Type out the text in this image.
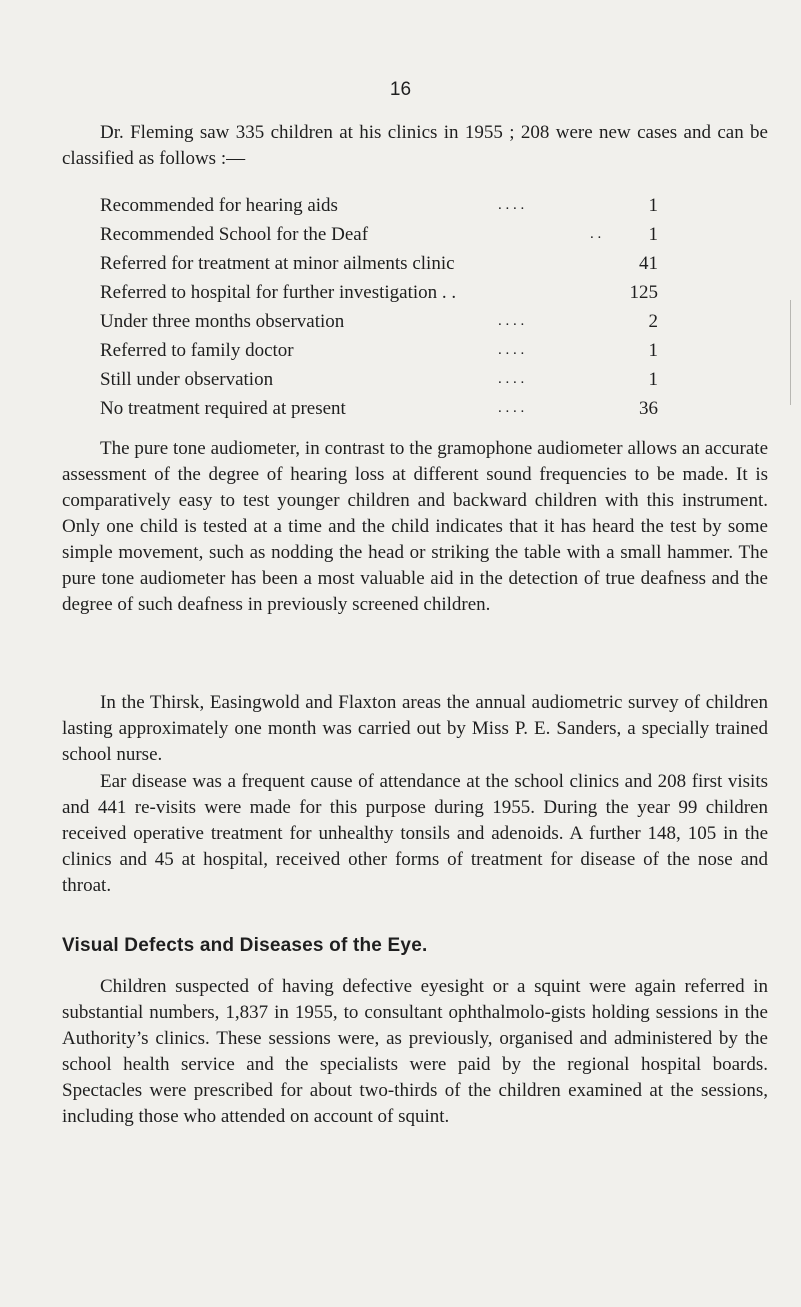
16

Dr. Fleming saw 335 children at his clinics in 1955 ; 208 were new cases and can be classified as follows :—

Recommended for hearing aids	. . . .	1
Recommended School for the Deaf	. .	1
Referred for treatment at minor ailments clinic	41
Referred to hospital for further investigation . .	125
Under three months observation	. . . .	2
Referred to family doctor	. . . .	1
Still under observation	. . . .	1
No treatment required at present	. . . .	36

The pure tone audiometer, in contrast to the gramophone audiometer allows an accurate assessment of the degree of hearing loss at different sound frequencies to be made. It is comparatively easy to test younger children and backward children with this instrument. Only one child is tested at a time and the child indicates that it has heard the test by some simple movement, such as nodding the head or striking the table with a small hammer. The pure tone audiometer has been a most valuable aid in the detection of true deafness and the degree of such deafness in previously screened children.

In the Thirsk, Easingwold and Flaxton areas the annual audiometric survey of children lasting approximately one month was carried out by Miss P. E. Sanders, a specially trained school nurse.

Ear disease was a frequent cause of attendance at the school clinics and 208 first visits and 441 re-visits were made for this purpose during 1955. During the year 99 children received operative treatment for unhealthy tonsils and adenoids. A further 148, 105 in the clinics and 45 at hospital, received other forms of treatment for disease of the nose and throat.

Visual Defects and Diseases of the Eye.

Children suspected of having defective eyesight or a squint were again referred in substantial numbers, 1,837 in 1955, to consultant ophthalmolo-gists holding sessions in the Authority’s clinics. These sessions were, as previously, organised and administered by the school health service and the specialists were paid by the regional hospital boards. Spectacles were prescribed for about two-thirds of the children examined at the sessions, including those who attended on account of squint.
